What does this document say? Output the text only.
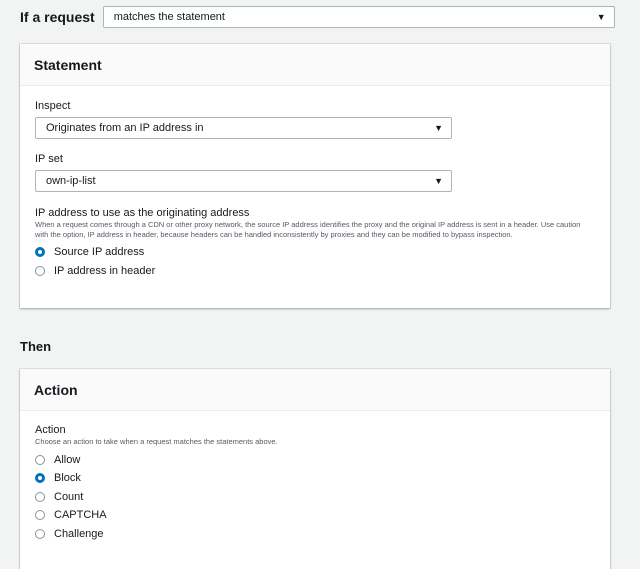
If a request	matches the statement	▼
Statement
Inspect
Originates from an IP address in	▼
IP set
own-ip-list	▼
IP address to use as the originating address
When a request comes through a CDN or other proxy network, the source IP address identifies the proxy and the original IP address is sent in a header. Use caution with the option, IP address in header, because headers can be handled inconsistently by proxies and they can be modified to bypass inspection.
Source IP address
IP address in header
Then
Action
Action
Choose an action to take when a request matches the statements above.
Allow
Block
Count
CAPTCHA
Challenge
